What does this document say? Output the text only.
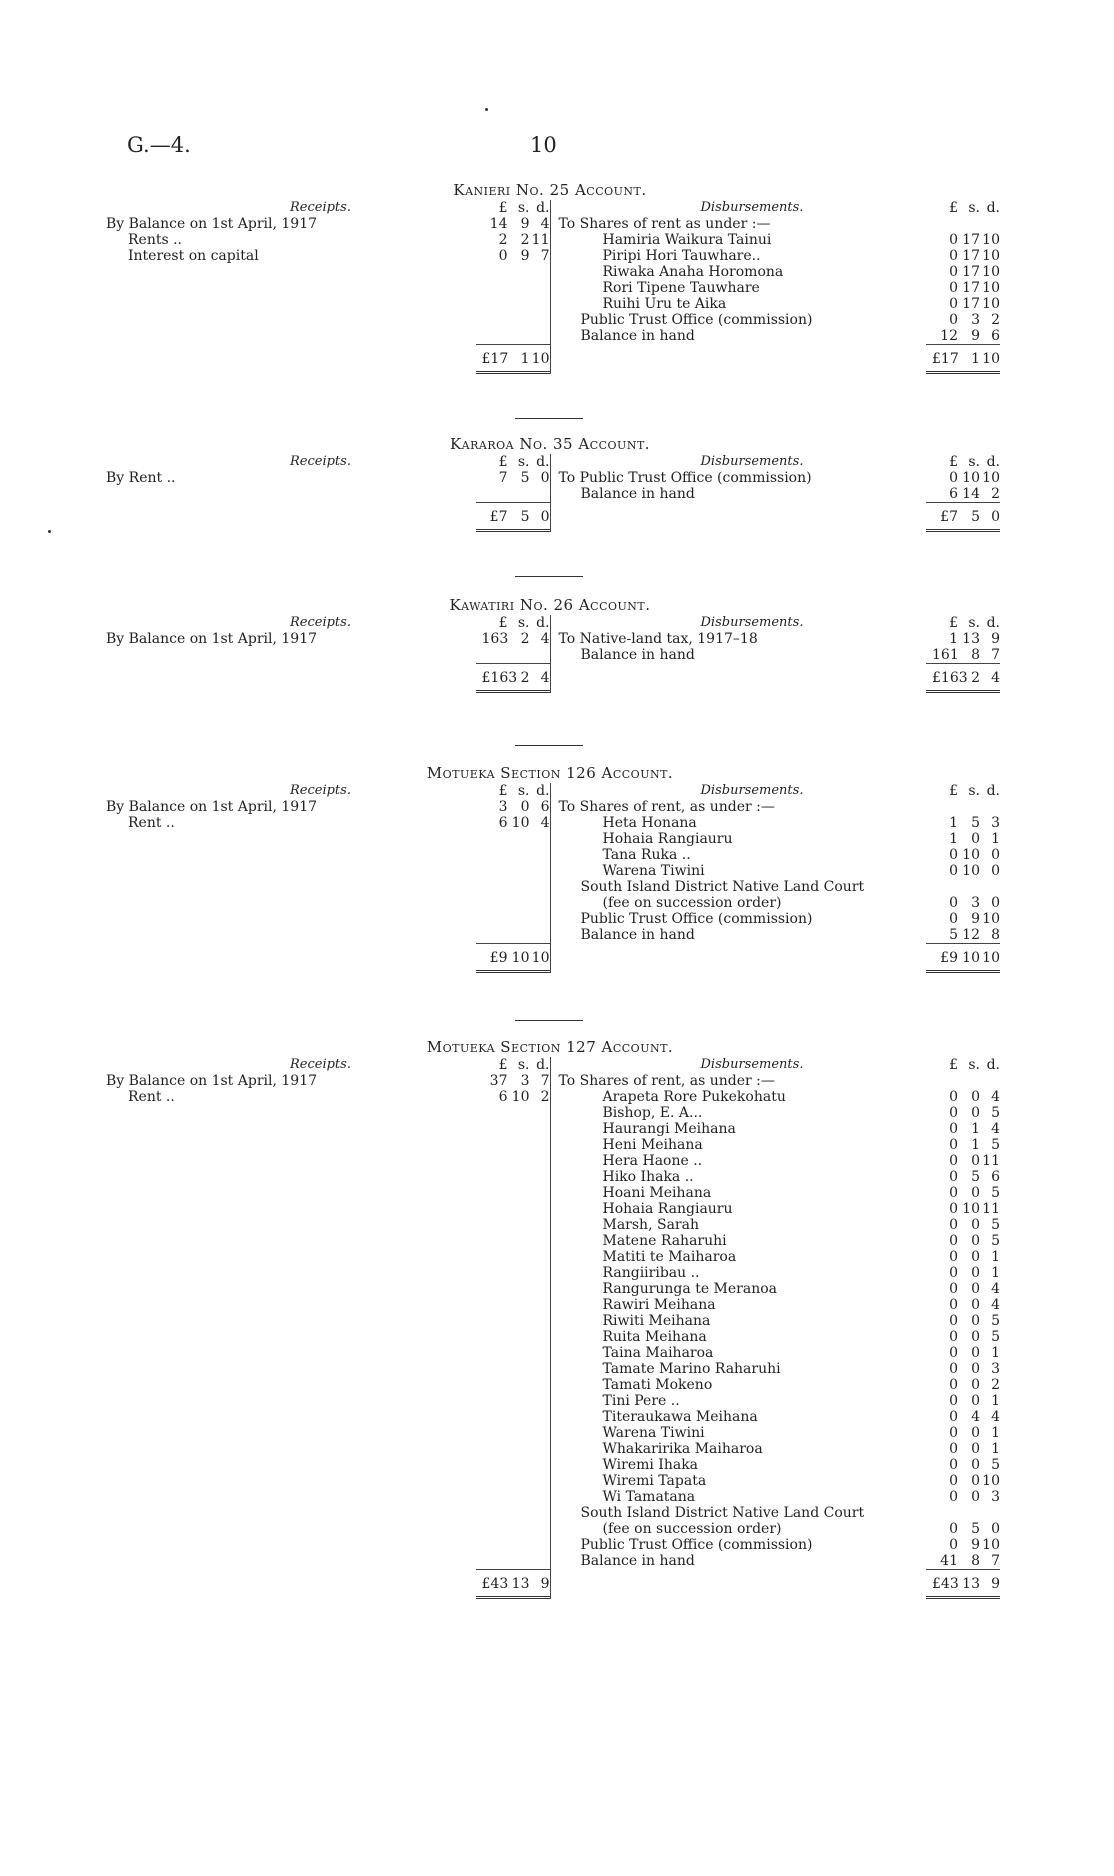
G.—4.	10
Kanieri No. 25 Account.
Receipts.	£ s. d.
By Balance on 1st April, 1917	14 9 4
Rents ..	2 2 11
Interest on capital	0 9 7
£17 1 10
Disbursements.	£ s. d.
To Shares of rent as under :—
Hamiria Waikura Tainui	0 17 10
Piripi Hori Tauwhare..	0 17 10
Riwaka Anaha Horomona	0 17 10
Rori Tipene Tauwhare	0 17 10
Ruihi Uru te Aika	0 17 10
Public Trust Office (commission)	0 3 2
Balance in hand	12 9 6
£17 1 10
Kararoa No. 35 Account.
Receipts.	£ s. d.
By Rent ..	7 5 0
£7 5 0
Disbursements.	£ s. d.
To Public Trust Office (commission)	0 10 10
Balance in hand	6 14 2
£7 5 0
Kawatiri No. 26 Account.
Receipts.	£ s. d.
By Balance on 1st April, 1917	163 2 4
£163 2 4
Disbursements.	£ s. d.
To Native-land tax, 1917–18	1 13 9
Balance in hand	161 8 7
£163 2 4
Motueka Section 126 Account.
Receipts.	£ s. d.
By Balance on 1st April, 1917	3 0 6
Rent ..	6 10 4
£9 10 10
Disbursements.	£ s. d.
To Shares of rent, as under :—
Heta Honana	1 5 3
Hohaia Rangiauru	1 0 1
Tana Ruka ..	0 10 0
Warena Tiwini	0 10 0
South Island District Native Land Court
(fee on succession order)	0 3 0
Public Trust Office (commission)	0 9 10
Balance in hand	5 12 8
£9 10 10
Motueka Section 127 Account.
Receipts.	£ s. d.
By Balance on 1st April, 1917	37 3 7
Rent ..	6 10 2
£43 13 9
Disbursements.	£ s. d.
To Shares of rent, as under :—
Arapeta Rore Pukekohatu	0 0 4
Bishop, E. A...	0 0 5
Haurangi Meihana	0 1 4
Heni Meihana	0 1 5
Hera Haone ..	0 0 11
Hiko Ihaka ..	0 5 6
Hoani Meihana	0 0 5
Hohaia Rangiauru	0 10 11
Marsh, Sarah	0 0 5
Matene Raharuhi	0 0 5
Matiti te Maiharoa	0 0 1
Rangiiribau ..	0 0 1
Rangurunga te Meranoa	0 0 4
Rawiri Meihana	0 0 4
Riwiti Meihana	0 0 5
Ruita Meihana	0 0 5
Taina Maiharoa	0 0 1
Tamate Marino Raharuhi	0 0 3
Tamati Mokeno	0 0 2
Tini Pere ..	0 0 1
Titeraukawa Meihana	0 4 4
Warena Tiwini	0 0 1
Whakaririka Maiharoa	0 0 1
Wiremi Ihaka	0 0 5
Wiremi Tapata	0 0 10
Wi Tamatana	0 0 3
South Island District Native Land Court
(fee on succession order)	0 5 0
Public Trust Office (commission)	0 9 10
Balance in hand	41 8 7
£43 13 9
